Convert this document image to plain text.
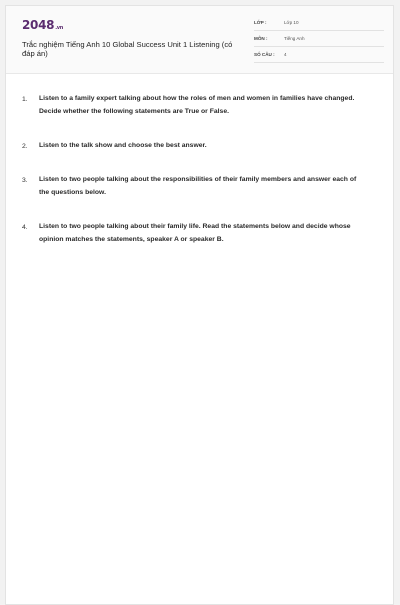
2048.vn
Trắc nghiệm Tiếng Anh 10 Global Success Unit 1 Listening (có đáp án)
LỚP :	Lớp 10
MÔN :	Tiếng Anh
SỐ CÂU : 4
1. Listen to a family expert talking about how the roles of men and women in families have changed. Decide whether the following statements are True or False.
2. Listen to the talk show and choose the best answer.
3. Listen to two people talking about the responsibilities of their family members and answer each of the questions below.
4. Listen to two people talking about their family life. Read the statements below and decide whose opinion matches the statements, speaker A or speaker B.
